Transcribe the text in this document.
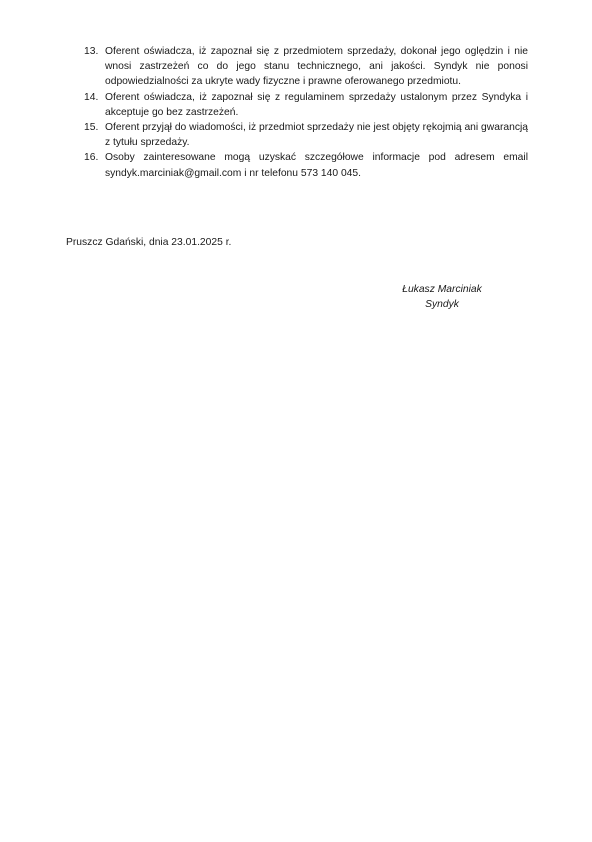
13. Oferent oświadcza, iż zapoznał się z przedmiotem sprzedaży, dokonał jego oględzin i nie wnosi zastrzeżeń co do jego stanu technicznego, ani jakości. Syndyk nie ponosi odpowiedzialności za ukryte wady fizyczne i prawne oferowanego przedmiotu.
14. Oferent oświadcza, iż zapoznał się z regulaminem sprzedaży ustalonym przez Syndyka i akceptuje go bez zastrzeżeń.
15. Oferent przyjął do wiadomości, iż przedmiot sprzedaży nie jest objęty rękojmią ani gwarancją z tytułu sprzedaży.
16. Osoby zainteresowane mogą uzyskać szczegółowe informacje pod adresem email syndyk.marciniak@gmail.com i nr telefonu 573 140 045.
Pruszcz Gdański, dnia 23.01.2025 r.
Łukasz Marciniak
Syndyk
